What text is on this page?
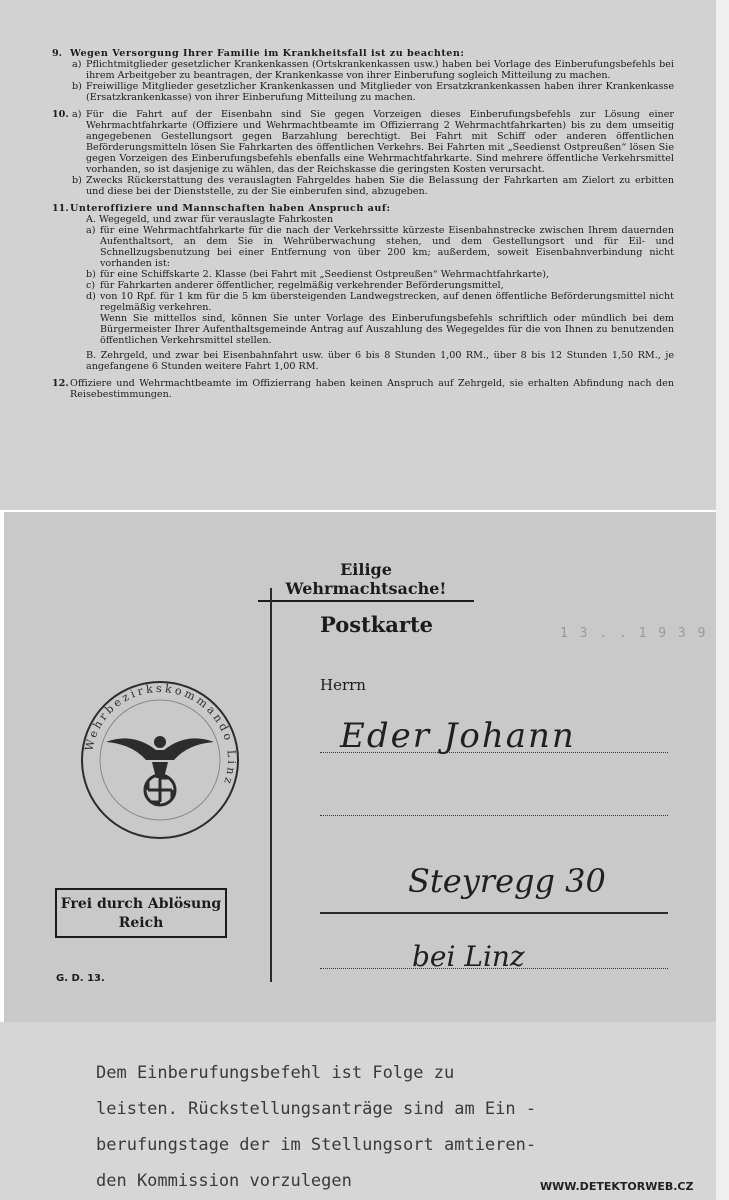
9. Wegen Versorgung Ihrer Familie im Krankheitsfall ist zu beachten:

a) Pflichtmitglieder gesetzlicher Krankenkassen (Ortskrankenkassen usw.) haben bei Vorlage des Einberufungsbefehls bei ihrem Arbeitgeber zu beantragen, der Krankenkasse von ihrer Einberufung sogleich Mitteilung zu machen.

b) Freiwillige Mitglieder gesetzlicher Krankenkassen und Mitglieder von Ersatzkrankenkassen haben ihrer Krankenkasse (Ersatzkrankenkasse) von ihrer Einberufung Mitteilung zu machen.

10. a) Für die Fahrt auf der Eisenbahn sind Sie gegen Vorzeigen dieses Einberufungsbefehls zur Lösung einer Wehrmachtfahrkarte (Offiziere und Wehrmachtbeamte im Offizierrang 2 Wehrmachtfahrkarten) bis zu dem umseitig angegebenen Gestellungsort gegen Barzahlung berechtigt. Bei Fahrt mit Schiff oder anderen öffentlichen Beförderungsmitteln lösen Sie Fahrkarten des öffentlichen Verkehrs. Bei Fahrten mit „Seedienst Ostpreußen“ lösen Sie gegen Vorzeigen des Einberufungsbefehls ebenfalls eine Wehrmachtfahrkarte. Sind mehrere öffentliche Verkehrsmittel vorhanden, so ist dasjenige zu wählen, das der Reichskasse die geringsten Kosten verursacht.

b) Zwecks Rückerstattung des verauslagten Fahrgeldes haben Sie die Belassung der Fahrkarten am Zielort zu erbitten und diese bei der Dienststelle, zu der Sie einberufen sind, abzugeben.

11. Unteroffiziere und Mannschaften haben Anspruch auf:

A. Wegegeld, und zwar für verauslagte Fahrkosten

a) für eine Wehrmachtfahrkarte für die nach der Verkehrssitte kürzeste Eisenbahnstrecke zwischen Ihrem dauernden Aufenthaltsort, an dem Sie in Wehrüberwachung stehen, und dem Gestellungsort und für Eil- und Schnellzugsbenutzung bei einer Entfernung von über 200 km; außerdem, soweit Eisenbahnverbindung nicht vorhanden ist:

b) für eine Schiffskarte 2. Klasse (bei Fahrt mit „Seedienst Ostpreußen“ Wehrmachtfahrkarte),

c) für Fahrkarten anderer öffentlicher, regelmäßig verkehrender Beförderungsmittel,

d) von 10 Rpf. für 1 km für die 5 km übersteigenden Landwegstrecken, auf denen öffentliche Beförderungsmittel nicht regelmäßig verkehren.

Wenn Sie mittellos sind, können Sie unter Vorlage des Einberufungsbefehls schriftlich oder mündlich bei dem Bürgermeister Ihrer Aufenthaltsgemeinde Antrag auf Auszahlung des Wegegeldes für die von Ihnen zu benutzenden öffentlichen Verkehrsmittel stellen.

B. Zehrgeld, und zwar bei Eisenbahnfahrt usw. über 6 bis 8 Stunden 1,00 RM., über 8 bis 12 Stunden 1,50 RM., je angefangene 6 Stunden weitere Fahrt 1,00 RM.

12. Offiziere und Wehrmachtbeamte im Offizierrang haben keinen Anspruch auf Zehrgeld, sie erhalten Abfindung nach den Reisebestimmungen.

Eilige Wehrmachtsache!
1 3 . . 1 9 3 9
Wehrbezirkskommando Linz
Frei durch Ablösung
Reich
G. D. 13.
Postkarte
Herrn
Eder Johann
Steyregg 30
bei Linz
Dem Einberufungsbefehl ist Folge zu
leisten. Rückstellungsanträge sind am Ein -
berufungstage der im Stellungsort amtieren-
den Kommission vorzulegen	WWW.DETEKTORWEB.CZ
